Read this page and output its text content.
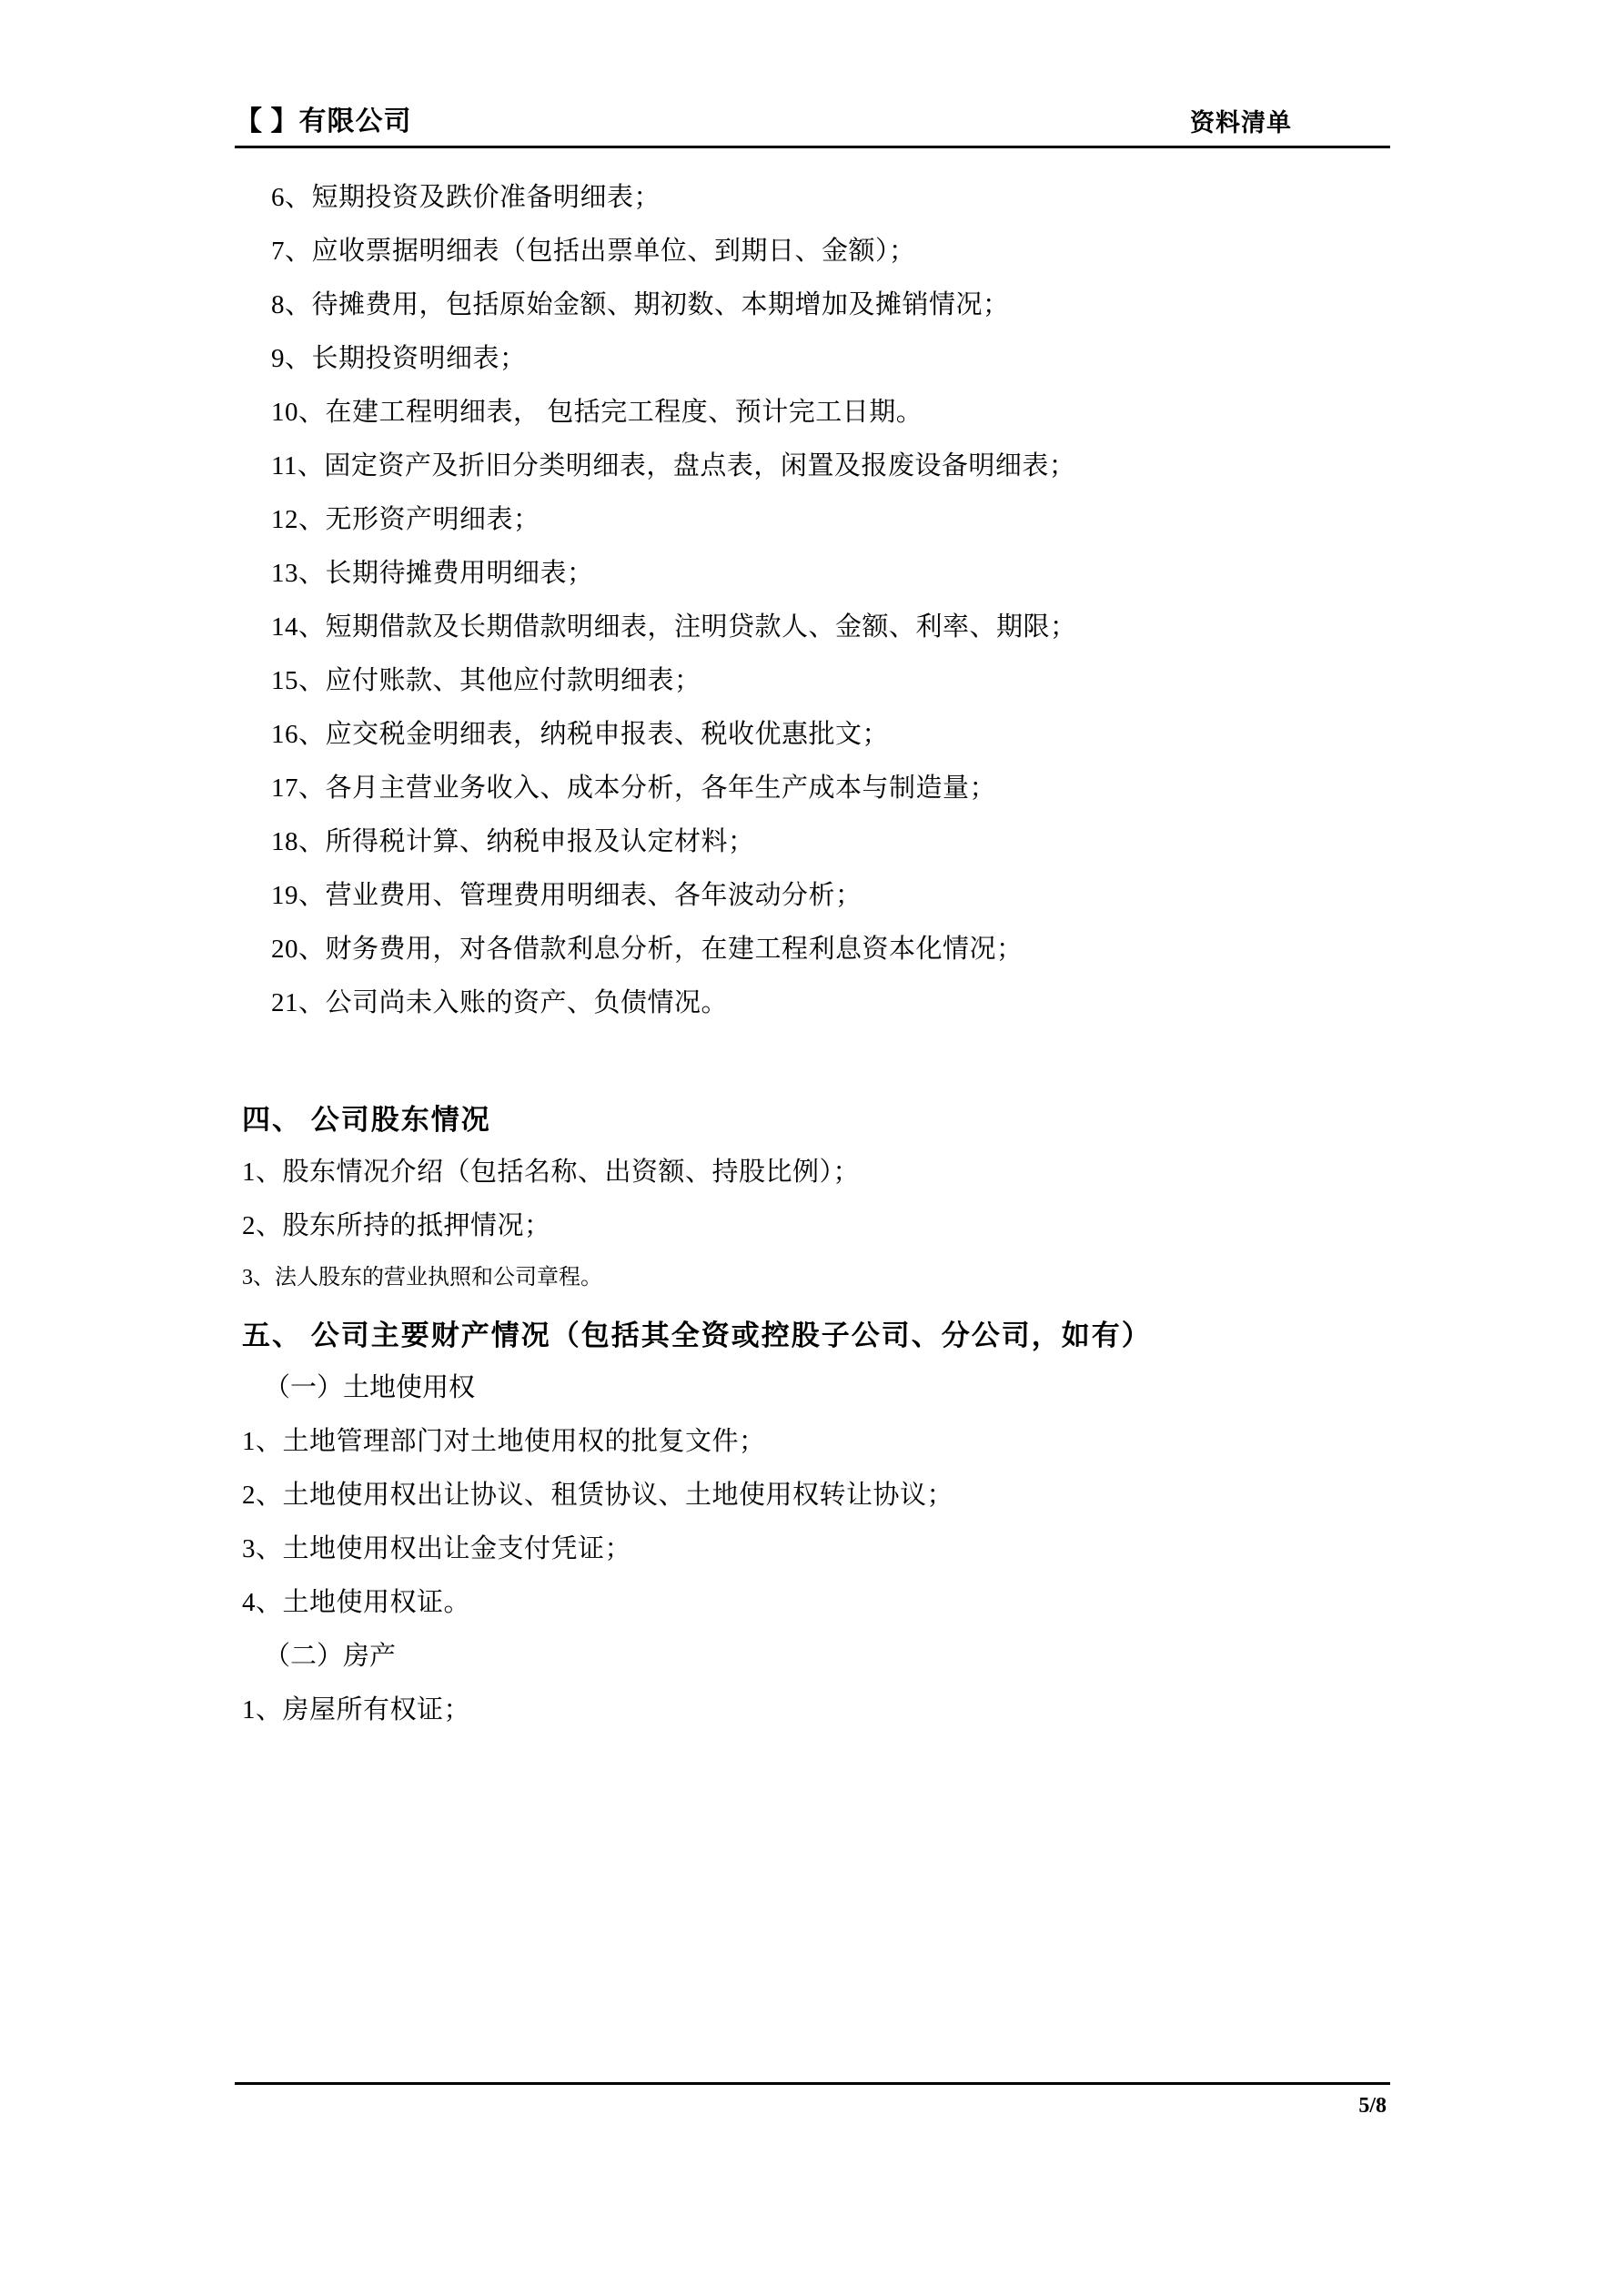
【 】有限公司	资料清单
6、短期投资及跌价准备明细表；
7、应收票据明细表（包括出票单位、到期日、金额）；
8、待摊费用，包括原始金额、期初数、本期增加及摊销情况；
9、长期投资明细表；
10、在建工程明细表， 包括完工程度、预计完工日期。
11、固定资产及折旧分类明细表，盘点表，闲置及报废设备明细表；
12、无形资产明细表；
13、长期待摊费用明细表；
14、短期借款及长期借款明细表，注明贷款人、金额、利率、期限；
15、应付账款、其他应付款明细表；
16、应交税金明细表，纳税申报表、税收优惠批文；
17、各月主营业务收入、成本分析，各年生产成本与制造量；
18、所得税计算、纳税申报及认定材料；
19、营业费用、管理费用明细表、各年波动分析；
20、财务费用，对各借款利息分析，在建工程利息资本化情况；
21、公司尚未入账的资产、负债情况。
四、 公司股东情况
1、股东情况介绍（包括名称、出资额、持股比例）；
2、股东所持的抵押情况；
3、法人股东的营业执照和公司章程。
五、 公司主要财产情况（包括其全资或控股子公司、分公司，如有）
（一）土地使用权
1、土地管理部门对土地使用权的批复文件；
2、土地使用权出让协议、租赁协议、土地使用权转让协议；
3、土地使用权出让金支付凭证；
4、土地使用权证。
（二）房产
1、房屋所有权证；
5/8
